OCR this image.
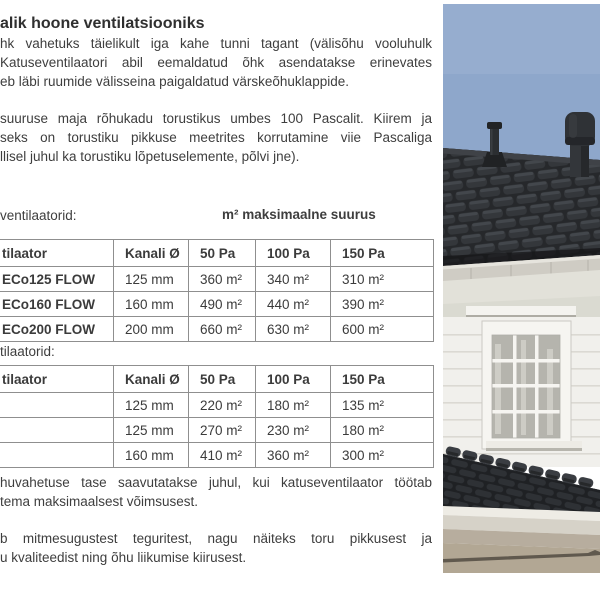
alik hoone ventilatsiooniks
hk vahetuks täielikult iga kahe tunni tagant (välisõhu vooluhulk
Katuseventilaatori abil eemaldatud õhk asendatakse erinevates
eb läbi ruumide välisseina paigaldatud värskeõhuklappide.
suuruse maja rõhukadu torustikus umbes 100 Pascalit. Kiirem ja
seks on torustiku pikkuse meetrites korrutamine viie Pascaliga
llisel juhul ka torustiku lõpetuselemente, põlvi jne).
ventilaatorid:	m² maksimaalne suurus
tilaator	Kanali Ø	50 Pa	100 Pa	150 Pa
ECo125 FLOW	125 mm	360 m²	340 m²	310 m²
ECo160 FLOW	160 mm	490 m²	440 m²	390 m²
ECo200 FLOW	200 mm	660 m²	630 m²	600 m²
tilaatorid:
tilaator	Kanali Ø	50 Pa	100 Pa	150 Pa
	125 mm	220 m²	180 m²	135 m²
	125 mm	270 m²	230 m²	180 m²
	160 mm	410 m²	360 m²	300 m²
huvahetuse tase saavutatakse juhul, kui katuseventilaator töötab
tema maksimaalsest võimsusest.
b mitmesugustest teguritest, nagu näiteks toru pikkusest ja
u kvaliteedist ning õhu liikumise kiirusest.
